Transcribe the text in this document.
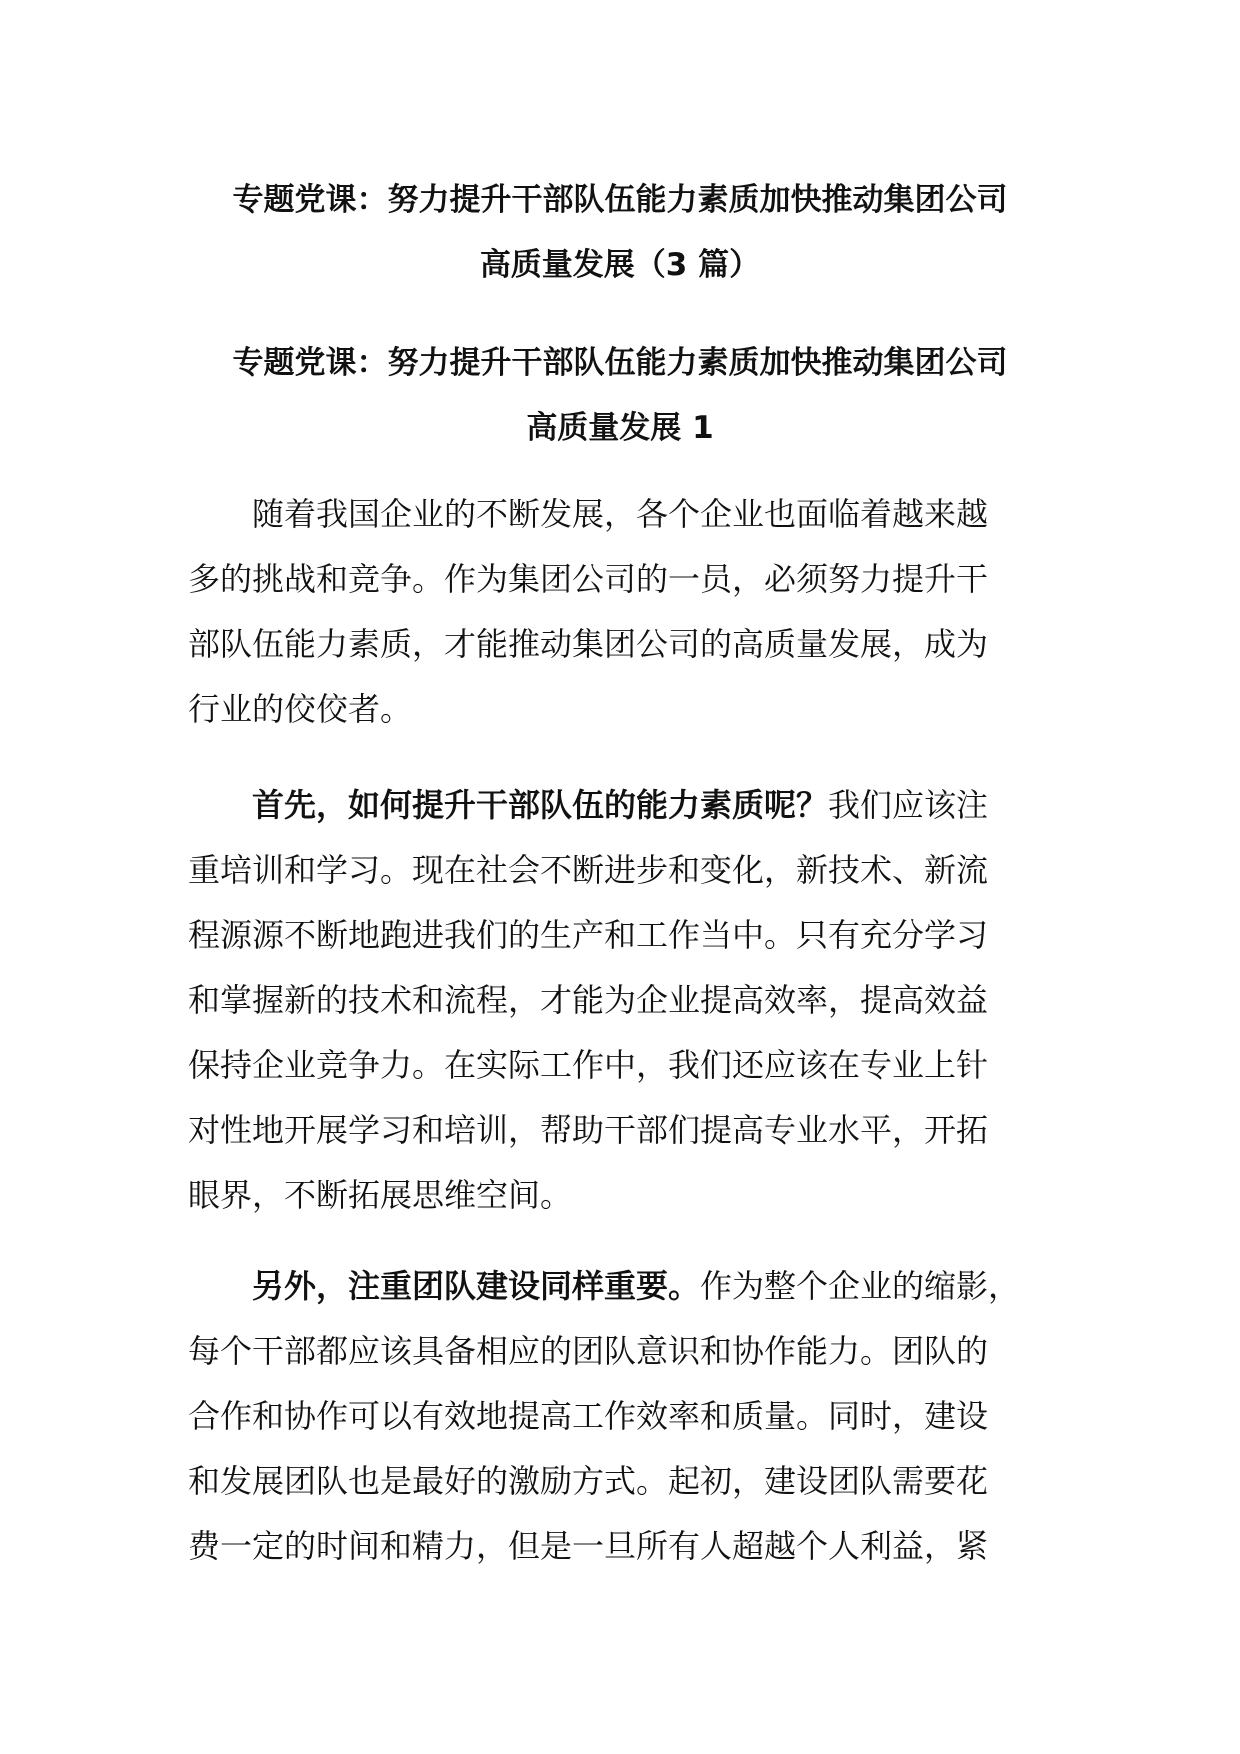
专题党课：努力提升干部队伍能力素质加快推动集团公司
高质量发展（3 篇）
专题党课：努力提升干部队伍能力素质加快推动集团公司
高质量发展 1
随着我国企业的不断发展，各个企业也面临着越来越
多的挑战和竞争。作为集团公司的一员，必须努力提升干
部队伍能力素质，才能推动集团公司的高质量发展，成为
行业的佼佼者。
首先，如何提升干部队伍的能力素质呢？我们应该注
重培训和学习。现在社会不断进步和变化，新技术、新流
程源源不断地跑进我们的生产和工作当中。只有充分学习
和掌握新的技术和流程，才能为企业提高效率，提高效益
保持企业竞争力。在实际工作中，我们还应该在专业上针
对性地开展学习和培训，帮助干部们提高专业水平，开拓
眼界，不断拓展思维空间。
另外，注重团队建设同样重要。作为整个企业的缩影，
每个干部都应该具备相应的团队意识和协作能力。团队的
合作和协作可以有效地提高工作效率和质量。同时，建设
和发展团队也是最好的激励方式。起初，建设团队需要花
费一定的时间和精力，但是一旦所有人超越个人利益，紧
